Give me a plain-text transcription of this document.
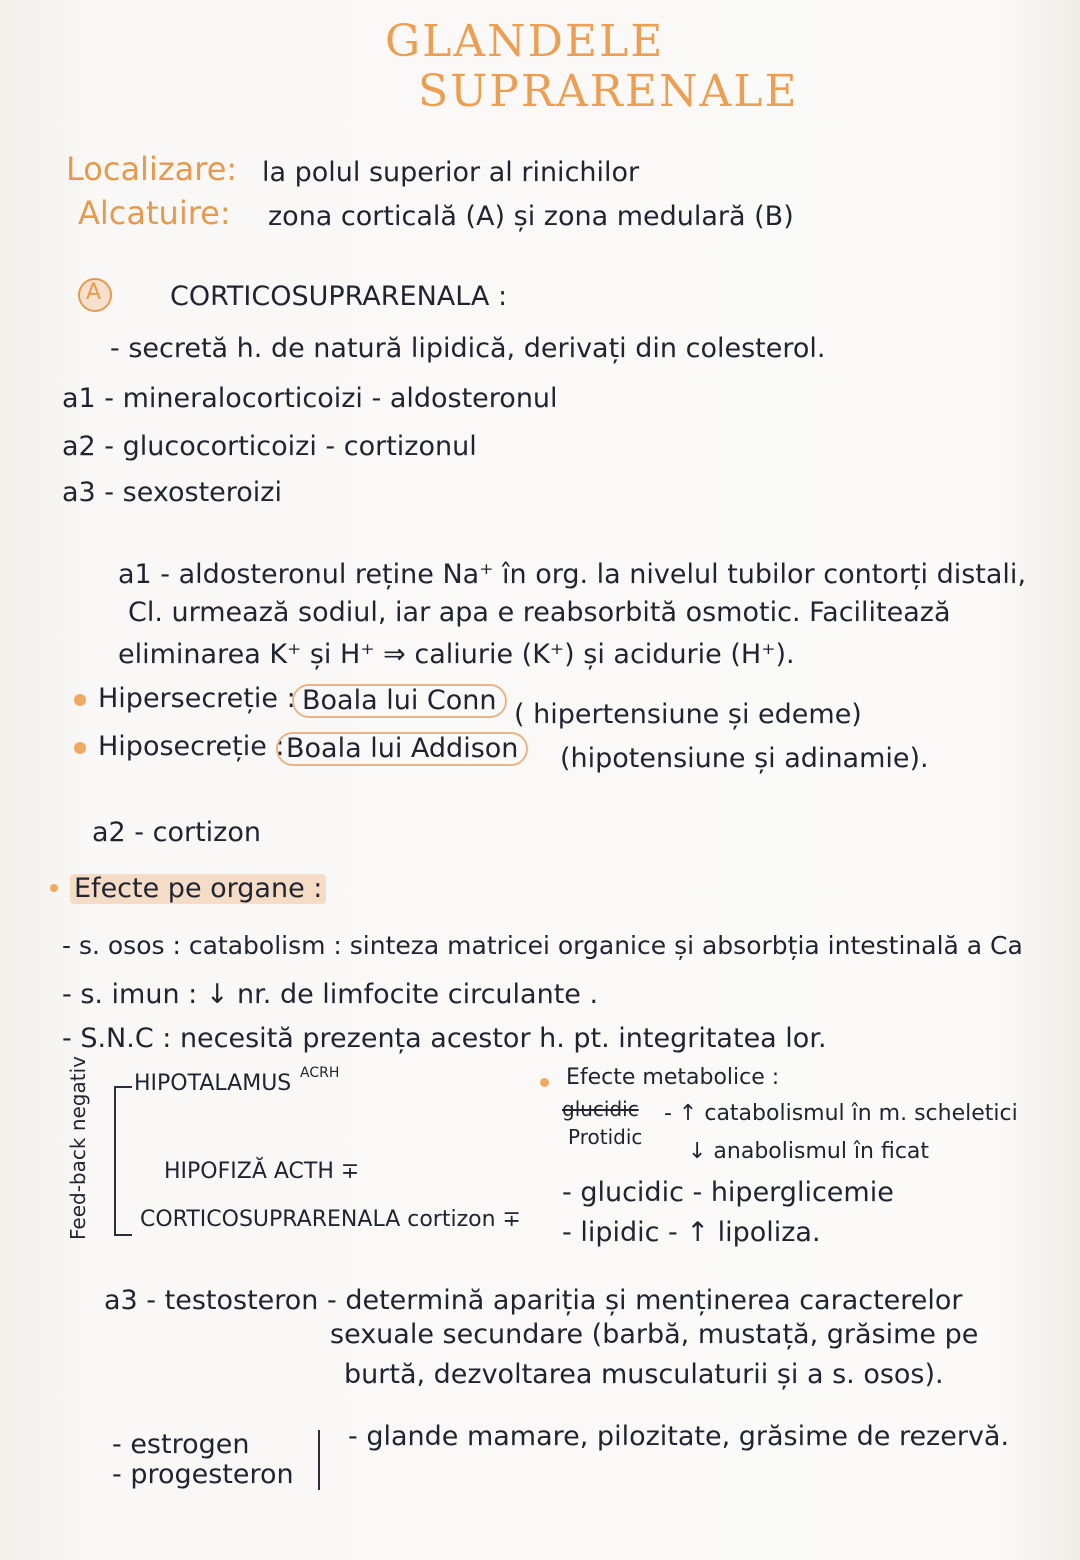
GLANDELE
SUPRARENALE
Localizare: la polul superior al rinichilor
Alcatuire: zona corticală (A) și zona medulară (B)
A	CORTICOSUPRARENALA :
- secretă h. de natură lipidică, derivați din colesterol.
a1 - mineralocorticoizi - aldosteronul
a2 - glucocorticoizi - cortizonul
a3 - sexosteroizi
a1 - aldosteronul reține Na⁺ în org. la nivelul tubilor contorți distali,
Cl. urmează sodiul, iar apa e reabsorbită osmotic. Facilitează
eliminarea K⁺ și H⁺ ⇒ caliurie (K⁺) și acidurie (H⁺).
Hipersecreție : Boala lui Conn ( hipertensiune și edeme)
Hiposecreție : Boala lui Addison	(hipotensiune și adinamie).
a2 - cortizon
Efecte pe organe :
- s. osos : catabolism : sinteza matricei organice și absorbția intestinală a Ca
- s. imun : ↓ nr. de limfocite circulante .
- S.N.C : necesită prezența acestor h. pt. integritatea lor.
Feed-back negativ HIPOTALAMUS ACRH
HIPOFIZĂ ACTH ∓
CORTICOSUPRARENALA cortizon ∓
Efecte metabolice :
glucidic
Protidic
- ↑ catabolismul în m. scheletici
↓ anabolismul în ficat
- glucidic - hiperglicemie
- lipidic - ↑ lipoliza.
a3 - testosteron - determină apariția și menținerea caracterelor
sexuale secundare (barbă, mustață, grăsime pe
burtă, dezvoltarea musculaturii și a s. osos).
- estrogen
- progesteron
- glande mamare, pilozitate, grăsime de rezervă.
